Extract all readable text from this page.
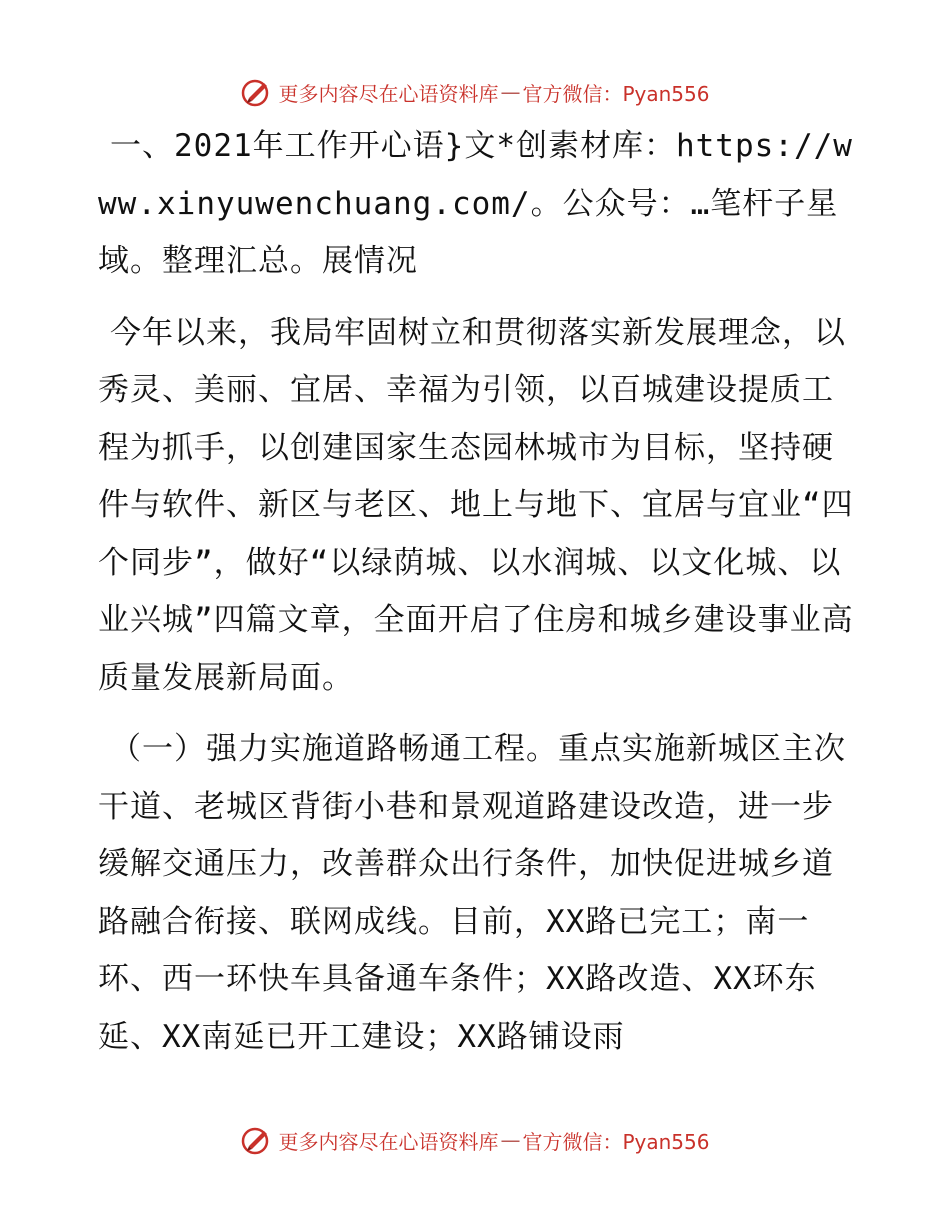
更多内容尽在心语资料库 — 官方微信：Pyan556

一、2021年工作开心语}文*创素材库：https://www.xinyuwenchuang.com/。公众号：…笔杆子星域。整理汇总。展情况

今年以来，我局牢固树立和贯彻落实新发展理念，以秀灵、美丽、宜居、幸福为引领，以百城建设提质工程为抓手，以创建国家生态园林城市为目标，坚持硬件与软件、新区与老区、地上与地下、宜居与宜业“四个同步”，做好“以绿荫城、以水润城、以文化城、以业兴城”四篇文章，全面开启了住房和城乡建设事业高质量发展新局面。

（一）强力实施道路畅通工程。重点实施新城区主次干道、老城区背街小巷和景观道路建设改造，进一步缓解交通压力，改善群众出行条件，加快促进城乡道路融合衔接、联网成线。目前，XX路已完工；南一环、西一环快车具备通车条件；XX路改造、XX环东延、XX南延已开工建设；XX路铺设雨

更多内容尽在心语资料库 — 官方微信：Pyan556
